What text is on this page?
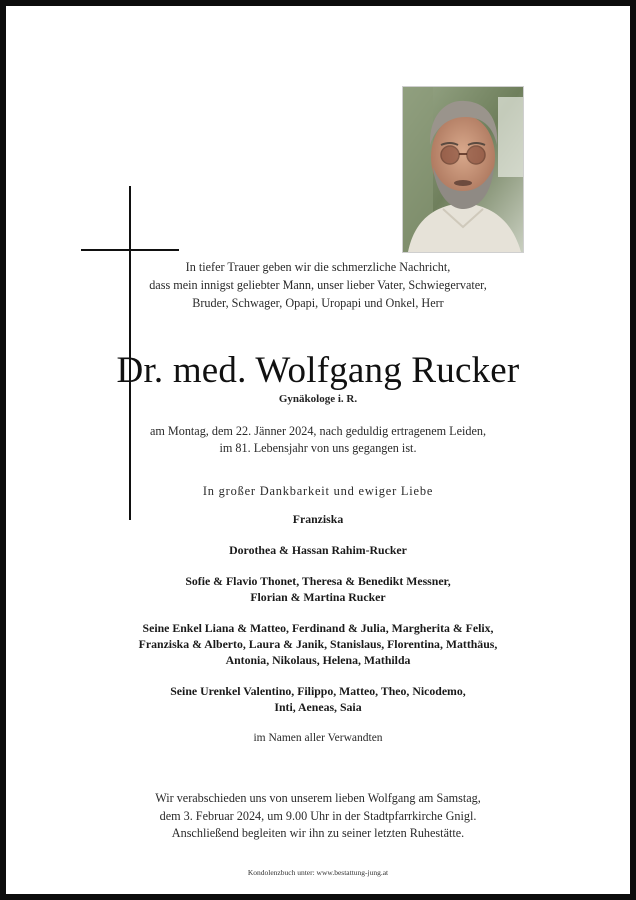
In tiefer Trauer geben wir die schmerzliche Nachricht,
dass mein innigst geliebter Mann, unser lieber Vater, Schwiegervater,
Bruder, Schwager, Opapi, Uropapi und Onkel, Herr
Dr. med. Wolfgang Rucker
Gynäkologe i. R.
am Montag, dem 22. Jänner 2024, nach geduldig ertragenem Leiden,
im 81. Lebensjahr von uns gegangen ist.
In großer Dankbarkeit und ewiger Liebe
Franziska
Dorothea & Hassan Rahim-Rucker
Sofie & Flavio Thonet, Theresa & Benedikt Messner,
Florian & Martina Rucker
Seine Enkel Liana & Matteo, Ferdinand & Julia, Margherita & Felix,
Franziska & Alberto, Laura & Janik, Stanislaus, Florentina, Matthäus,
Antonia, Nikolaus, Helena, Mathilda
Seine Urenkel Valentino, Filippo, Matteo, Theo, Nicodemo,
Inti, Aeneas, Saia
im Namen aller Verwandten
Wir verabschieden uns von unserem lieben Wolfgang am Samstag,
dem 3. Februar 2024, um 9.00 Uhr in der Stadtpfarrkirche Gnigl.
Anschließend begleiten wir ihn zu seiner letzten Ruhestätte.
Kondolenzbuch unter: www.bestattung-jung.at
